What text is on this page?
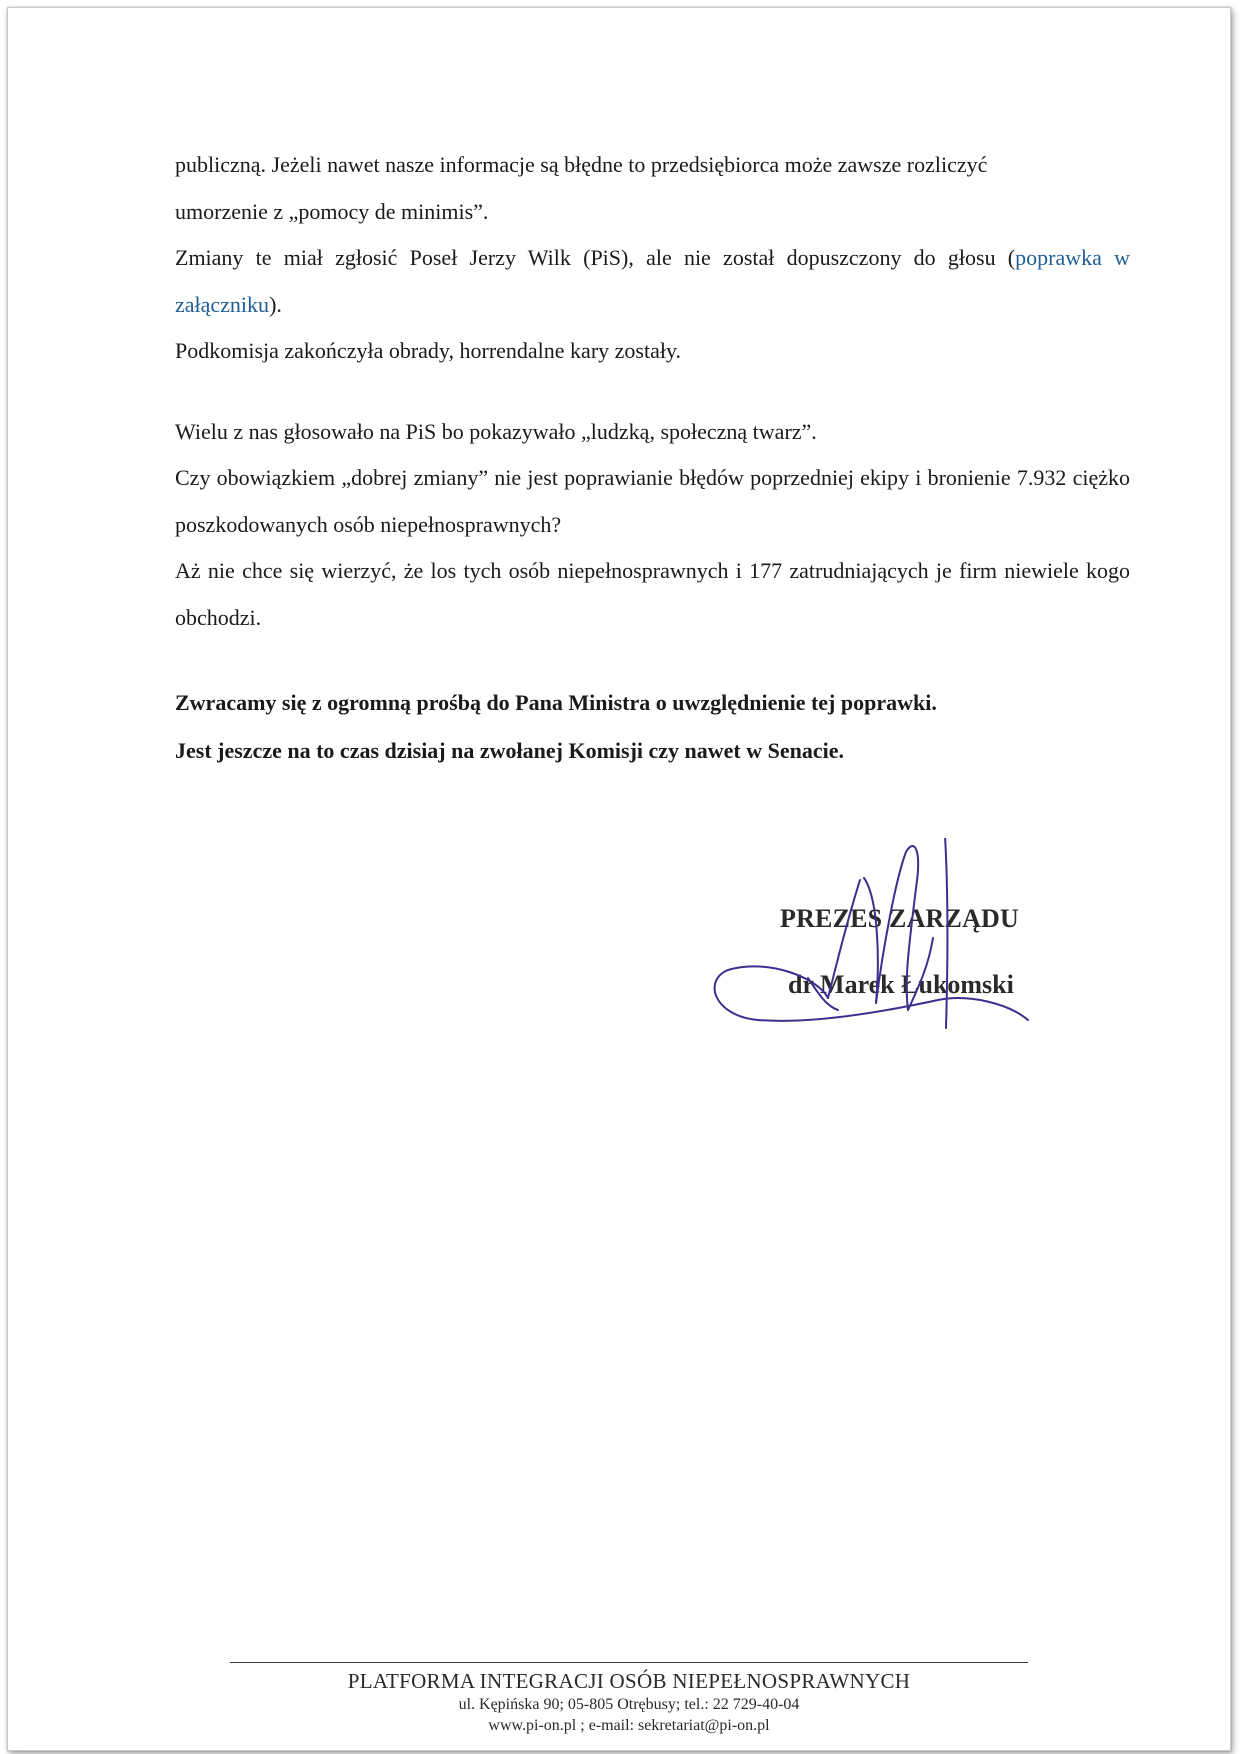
publiczną. Jeżeli nawet nasze informacje są błędne to przedsiębiorca może zawsze rozliczyć

umorzenie z „pomocy de minimis”.

Zmiany te miał zgłosić Poseł Jerzy Wilk (PiS), ale nie został dopuszczony do głosu (poprawka w załączniku).

Podkomisja zakończyła obrady, horrendalne kary zostały.

Wielu z nas głosowało na PiS bo pokazywało „ludzką, społeczną twarz”.

Czy obowiązkiem „dobrej zmiany” nie jest poprawianie błędów poprzedniej ekipy i bronienie 7.932 ciężko poszkodowanych osób niepełnosprawnych?

Aż nie chce się wierzyć, że los tych osób niepełnosprawnych i 177 zatrudniających je firm niewiele kogo obchodzi.

Zwracamy się z ogromną prośbą do Pana Ministra o uwzględnienie tej poprawki.

Jest jeszcze na to czas dzisiaj na zwołanej Komisji czy nawet w Senacie.

PREZES ZARZĄDU
dr Marek Łukomski
PLATFORMA INTEGRACJI OSÓB NIEPEŁNOSPRAWNYCH
ul. Kępińska 90; 05-805 Otrębusy; tel.: 22 729-40-04
www.pi-on.pl ; e-mail: sekretariat@pi-on.pl
